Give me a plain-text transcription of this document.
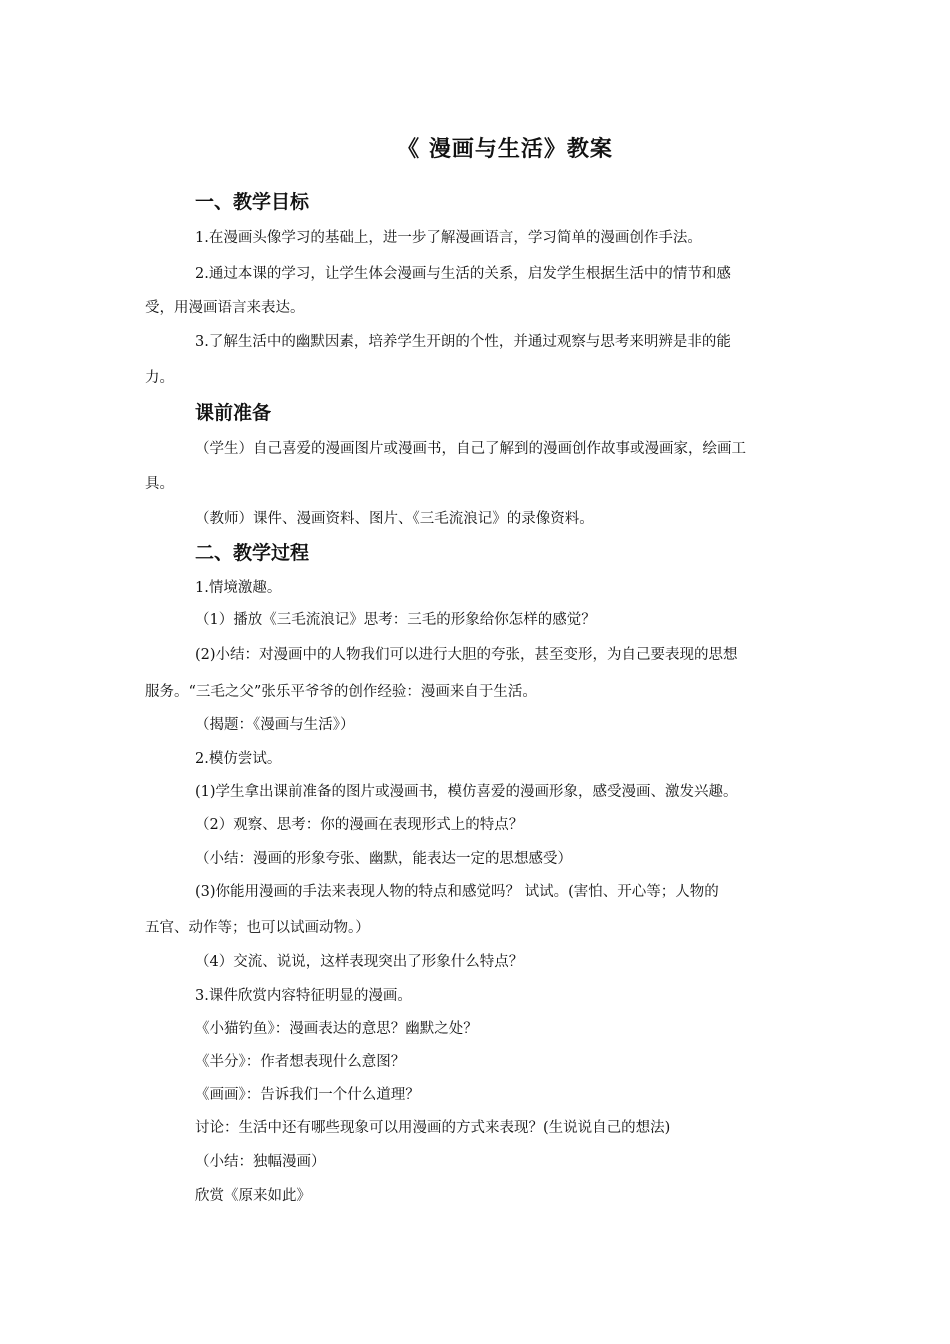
《 漫画与生活》教案
一、教学目标
1.在漫画头像学习的基础上，进一步了解漫画语言，学习简单的漫画创作手法。
2.通过本课的学习，让学生体会漫画与生活的关系，启发学生根据生活中的情节和感
受，用漫画语言来表达。
3.了解生活中的幽默因素，培养学生开朗的个性，并通过观察与思考来明辨是非的能
力。
课前准备
（学生）自己喜爱的漫画图片或漫画书，自己了解到的漫画创作故事或漫画家，绘画工
具。
（教师）课件、漫画资料、图片、《三毛流浪记》的录像资料。
二、教学过程
1.情境激趣。
（1）播放《三毛流浪记》思考：三毛的形象给你怎样的感觉？
(2)小结：对漫画中的人物我们可以进行大胆的夸张，甚至变形，为自己要表现的思想
服务。“三毛之父”张乐平爷爷的创作经验：漫画来自于生活。
（揭题：《漫画与生活》）
2.模仿尝试。
(1)学生拿出课前准备的图片或漫画书，模仿喜爱的漫画形象，感受漫画、激发兴趣。
（2）观察、思考：你的漫画在表现形式上的特点？
（小结：漫画的形象夸张、幽默，能表达一定的思想感受）
(3)你能用漫画的手法来表现人物的特点和感觉吗？ 试试。(害怕、开心等；人物的
五官、动作等；也可以试画动物。）
（4）交流、说说，这样表现突出了形象什么特点？
3.课件欣赏内容特征明显的漫画。
《小猫钓鱼》：漫画表达的意思？幽默之处？
《半分》：作者想表现什么意图？
《画画》：告诉我们一个什么道理？
讨论：生活中还有哪些现象可以用漫画的方式来表现？(生说说自己的想法)
（小结：独幅漫画）
欣赏《原来如此》
